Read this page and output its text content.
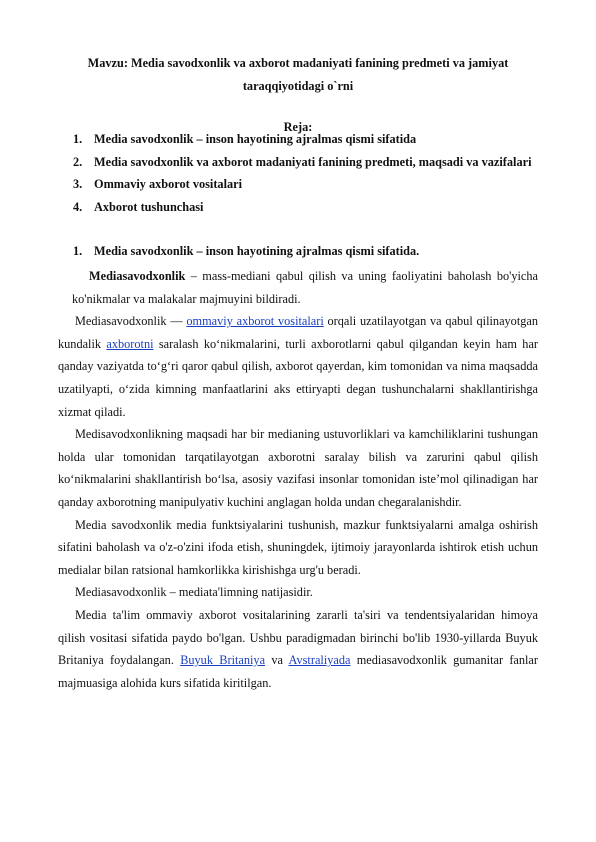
Mavzu: Media savodxonlik va axborot madaniyati fanining predmeti va jamiyat taraqqiyotidagi o`rni
Reja:
1. Media savodxonlik – inson hayotining ajralmas qismi sifatida
2. Media savodxonlik va axborot madaniyati fanining predmeti, maqsadi va vazifalari
3. Ommaviy axborot vositalari
4. Axborot tushunchasi
1. Media savodxonlik – inson hayotining ajralmas qismi sifatida.

Mediasavodxonlik – mass-mediani qabul qilish va uning faoliyatini baholash bo'yicha ko'nikmalar va malakalar majmuyini bildiradi.

Mediasavodxonlik — ommaviy axborot vositalari orqali uzatilayotgan va qabul qilinayotgan kundalik axborotni saralash ko‘nikmalarini, turli axborotlarni qabul qilgandan keyin ham har qanday vaziyatda to‘g‘ri qaror qabul qilish, axborot qayerdan, kim tomonidan va nima maqsadda uzatilyapti, o‘zida kimning manfaatlarini aks ettiryapti degan tushunchalarni shakllantirishga xizmat qiladi.

Medisavodxonlikning maqsadi har bir medianing ustuvorliklari va kamchiliklarini tushungan holda ular tomonidan tarqatilayotgan axborotni saralay bilish va zarurini qabul qilish ko‘nikmalarini shakllantirish bo‘lsa, asosiy vazifasi insonlar tomonidan iste’mol qilinadigan har qanday axborotning manipulyativ kuchini anglagan holda undan chegaralanishdir.

Media savodxonlik media funktsiyalarini tushunish, mazkur funktsiyalarni amalga oshirish sifatini baholash va o'z-o'zini ifoda etish, shuningdek, ijtimoiy jarayonlarda ishtirok etish uchun medialar bilan ratsional hamkorlikka kirishishga urg'u beradi.

Mediasavodxonlik – mediata'limning natijasidir.

Media ta'lim ommaviy axborot vositalarining zararli ta'siri va tendentsiyalaridan himoya qilish vositasi sifatida paydo bo'lgan. Ushbu paradigmadan birinchi bo'lib 1930-yillarda Buyuk Britaniya foydalangan. Buyuk Britaniya va Avstraliyada mediasavodxonlik gumanitar fanlar majmuasiga alohida kurs sifatida kiritilgan.
